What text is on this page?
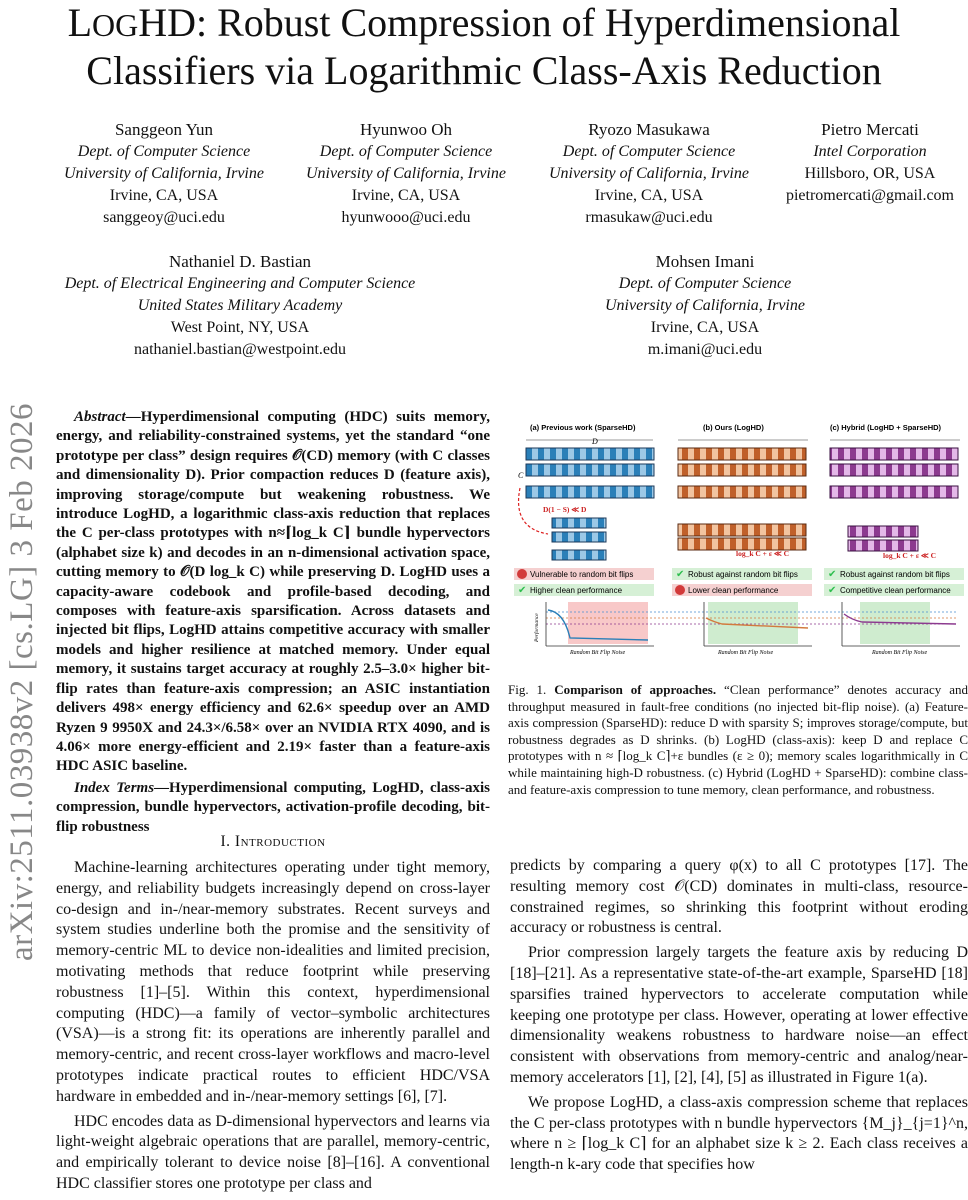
LOGHD: Robust Compression of Hyperdimensional
Classifiers via Logarithmic Class-Axis Reduction
arXiv:2511.03938v2 [cs.LG] 3 Feb 2026
Sanggeon Yun
Dept. of Computer Science
University of California, Irvine
Irvine, CA, USA
sanggeoy@uci.edu
Hyunwoo Oh
Dept. of Computer Science
University of California, Irvine
Irvine, CA, USA
hyunwooo@uci.edu
Ryozo Masukawa
Dept. of Computer Science
University of California, Irvine
Irvine, CA, USA
rmasukaw@uci.edu
Pietro Mercati
Intel Corporation
Hillsboro, OR, USA
pietromercati@gmail.com
Nathaniel D. Bastian
Dept. of Electrical Engineering and Computer Science
United States Military Academy
West Point, NY, USA
nathaniel.bastian@westpoint.edu
Mohsen Imani
Dept. of Computer Science
University of California, Irvine
Irvine, CA, USA
m.imani@uci.edu
Abstract—Hyperdimensional computing (HDC) suits memory, energy, and reliability-constrained systems, yet the standard “one prototype per class” design requires 𝒪(CD) memory (with C classes and dimensionality D). Prior compaction reduces D (feature axis), improving storage/compute but weakening robustness. We introduce LogHD, a logarithmic class-axis reduction that replaces the C per-class prototypes with n≈⌈log_k C⌉ bundle hypervectors (alphabet size k) and decodes in an n-dimensional activation space, cutting memory to 𝒪(D log_k C) while preserving D. LogHD uses a capacity-aware codebook and profile-based decoding, and composes with feature-axis sparsification. Across datasets and injected bit flips, LogHD attains competitive accuracy with smaller models and higher resilience at matched memory. Under equal memory, it sustains target accuracy at roughly 2.5–3.0× higher bit-flip rates than feature-axis compression; an ASIC instantiation delivers 498× energy efficiency and 62.6× speedup over an AMD Ryzen 9 9950X and 24.3×/6.58× over an NVIDIA RTX 4090, and is 4.06× more energy-efficient and 2.19× faster than a feature-axis HDC ASIC baseline.
Index Terms—Hyperdimensional computing, LogHD, class-axis compression, bundle hypervectors, activation-profile decoding, bit-flip robustness
I. Introduction

Machine-learning architectures operating under tight memory, energy, and reliability budgets increasingly depend on cross-layer co-design and in-/near-memory substrates. Recent surveys and system studies underline both the promise and the sensitivity of memory-centric ML to device non-idealities and limited precision, motivating methods that reduce footprint while preserving robustness [1]–[5]. Within this context, hyperdimensional computing (HDC)—a family of vector–symbolic architectures (VSA)—is a strong fit: its operations are inherently parallel and memory-centric, and recent cross-layer workflows and macro-level prototypes indicate practical routes to efficient HDC/VSA hardware in embedded and in-/near-memory settings [6], [7].

HDC encodes data as D-dimensional hypervectors and learns via light-weight algebraic operations that are parallel, memory-centric, and empirically tolerant to device noise [8]–[16]. A conventional HDC classifier stores one prototype per class and

predicts by comparing a query φ(x) to all C prototypes [17]. The resulting memory cost 𝒪(CD) dominates in multi-class, resource-constrained regimes, so shrinking this footprint without eroding accuracy or robustness is central.

Prior compression largely targets the feature axis by reducing D [18]–[21]. As a representative state-of-the-art example, SparseHD [18] sparsifies trained hypervectors to accelerate computation while keeping one prototype per class. However, operating at lower effective dimensionality weakens robustness to hardware noise—an effect consistent with observations from memory-centric and analog/near-memory accelerators [1], [2], [4], [5] as illustrated in Figure 1(a).

We propose LogHD, a class-axis compression scheme that replaces the C per-class prototypes with n bundle hypervectors {M_j}_{j=1}^n, where n ≥ ⌈log_k C⌉ for an alphabet size k ≥ 2. Each class receives a length-n k-ary code that specifies how

(a) Previous work (SparseHD)	(b) Ours (LogHD)	(c) Hybrid (LogHD + SparseHD)
D
C
D(1 − S) ≪ D
log_k C + ε ≪ C	log_k C + ε ≪ C
Vulnerable to random bit flips
✔ Higher clean performance
✔ Robust against random bit flips
Lower clean performance
✔ Robust against random bit flips
✔ Competitive clean performance
Performance
Random Bit Flip Noise	Random Bit Flip Noise	Random Bit Flip Noise
Fig. 1. Comparison of approaches. “Clean performance” denotes accuracy and throughput measured in fault-free conditions (no injected bit-flip noise). (a) Feature-axis compression (SparseHD): reduce D with sparsity S; improves storage/compute, but robustness degrades as D shrinks. (b) LogHD (class-axis): keep D and replace C prototypes with n ≈ ⌈log_k C⌉+ε bundles (ε ≥ 0); memory scales logarithmically in C while maintaining high-D robustness. (c) Hybrid (LogHD + SparseHD): combine class- and feature-axis compression to tune memory, clean performance, and robustness.
